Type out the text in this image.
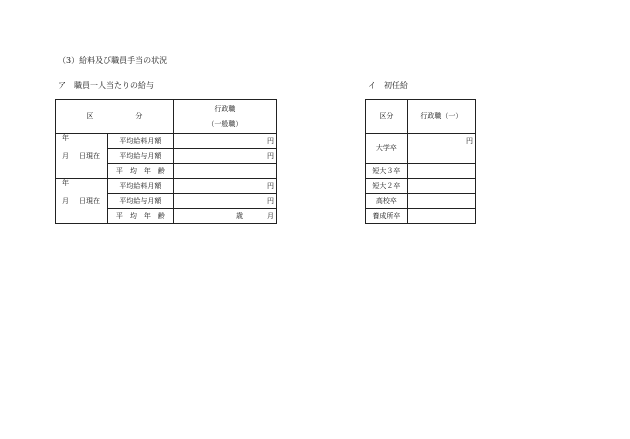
（3）給料及び職員手当の状況
ア　職員一人当たりの給与	イ　初任給
区 分		行政職
（一般職）

年	平均給料月額	円
月 日現在	平均給与月額	円
	平　均　年　齢	
年	平均給料月額	円
月 日現在	平均給与月額	円
	平　均　年　齢	歳 月
区分	行政職（一）
大学卒	円
短大３卒	
短大２卒	
高校卒	
養成所卒	
